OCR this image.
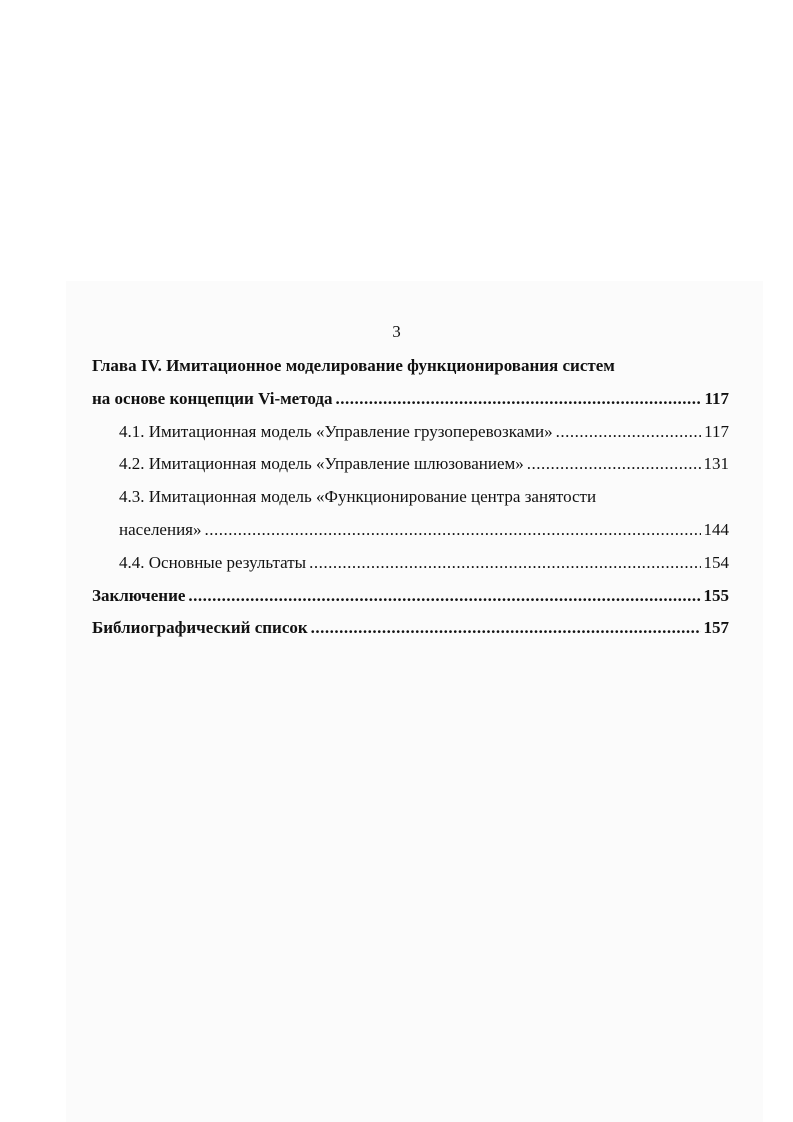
3
Глава IV. Имитационное моделирование функционирования систем
на основе концепции Vi-метода .....	117
4.1. Имитационная модель «Управление грузоперевозками» .....	117
4.2. Имитационная модель «Управление шлюзованием» .....	131
4.3. Имитационная модель «Функционирование центра занятости
населения» .....	144
4.4. Основные результаты .....	154
Заключение .....	155
Библиографический список .....	157
